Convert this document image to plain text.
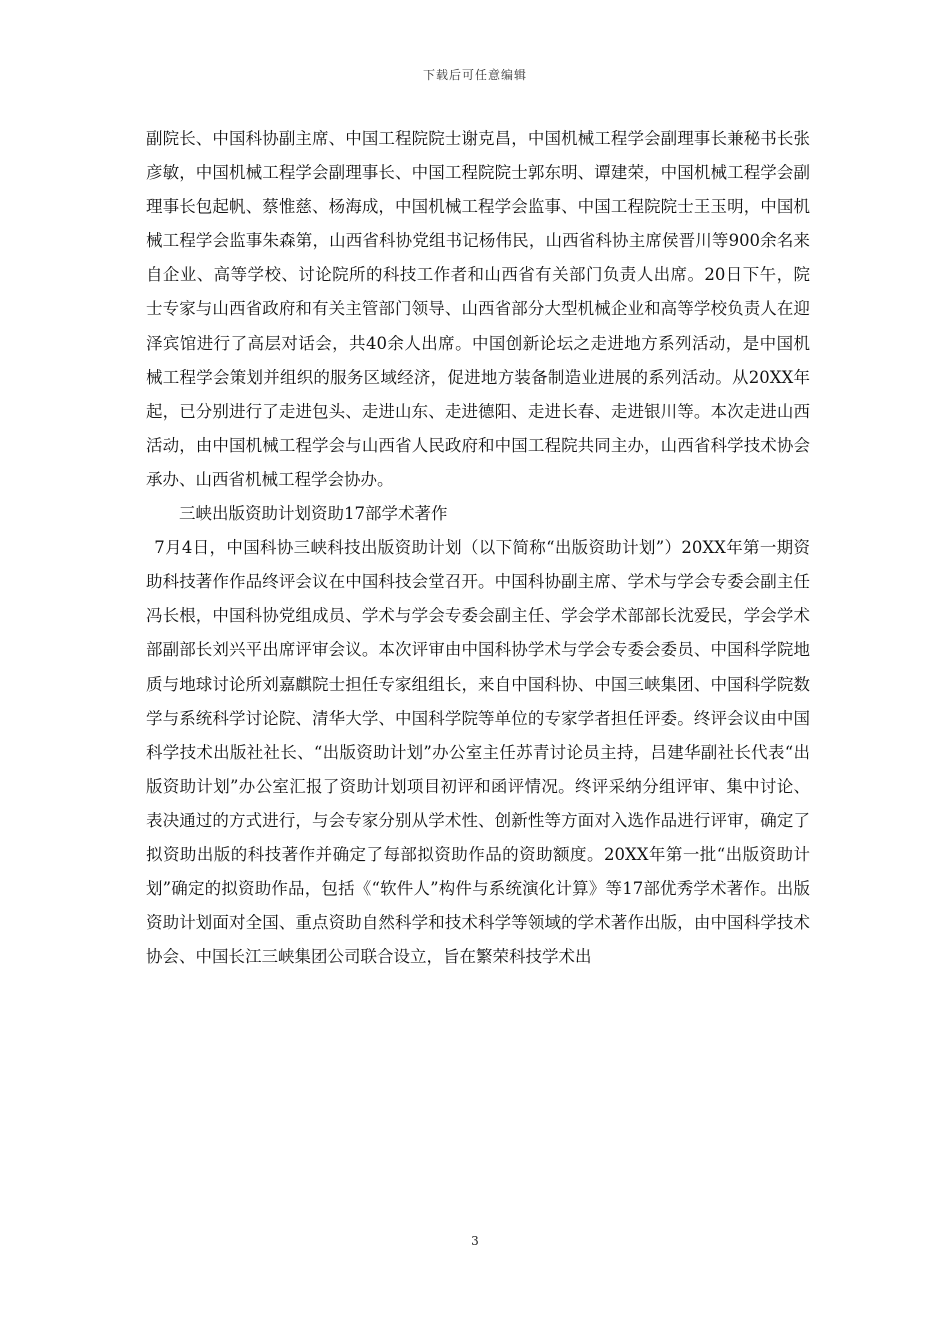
下载后可任意编辑

副院长、中国科协副主席、中国工程院院士谢克昌，中国机械工程学会副理事长兼秘书长张彦敏，中国机械工程学会副理事长、中国工程院院士郭东明、谭建荣，中国机械工程学会副理事长包起帆、蔡惟慈、杨海成，中国机械工程学会监事、中国工程院院士王玉明，中国机械工程学会监事朱森第，山西省科协党组书记杨伟民，山西省科协主席侯晋川等900余名来自企业、高等学校、讨论院所的科技工作者和山西省有关部门负责人出席。20日下午，院士专家与山西省政府和有关主管部门领导、山西省部分大型机械企业和高等学校负责人在迎泽宾馆进行了高层对话会，共40余人出席。中国创新论坛之走进地方系列活动，是中国机械工程学会策划并组织的服务区域经济，促进地方装备制造业进展的系列活动。从20XX年起，已分别进行了走进包头、走进山东、走进德阳、走进长春、走进银川等。本次走进山西活动，由中国机械工程学会与山西省人民政府和中国工程院共同主办，山西省科学技术协会承办、山西省机械工程学会协办。

三峡出版资助计划资助17部学术著作

7月4日，中国科协三峡科技出版资助计划（以下简称“出版资助计划”）20XX年第一期资助科技著作作品终评会议在中国科技会堂召开。中国科协副主席、学术与学会专委会副主任冯长根，中国科协党组成员、学术与学会专委会副主任、学会学术部部长沈爱民，学会学术部副部长刘兴平出席评审会议。本次评审由中国科协学术与学会专委会委员、中国科学院地质与地球讨论所刘嘉麒院士担任专家组组长，来自中国科协、中国三峡集团、中国科学院数学与系统科学讨论院、清华大学、中国科学院等单位的专家学者担任评委。终评会议由中国科学技术出版社社长、“出版资助计划”办公室主任苏青讨论员主持，吕建华副社长代表“出版资助计划”办公室汇报了资助计划项目初评和函评情况。终评采纳分组评审、集中讨论、表决通过的方式进行，与会专家分别从学术性、创新性等方面对入选作品进行评审，确定了拟资助出版的科技著作并确定了每部拟资助作品的资助额度。20XX年第一批“出版资助计划”确定的拟资助作品，包括《“软件人”构件与系统演化计算》等17部优秀学术著作。出版资助计划面对全国、重点资助自然科学和技术科学等领域的学术著作出版，由中国科学技术协会、中国长江三峡集团公司联合设立，旨在繁荣科技学术出

3
